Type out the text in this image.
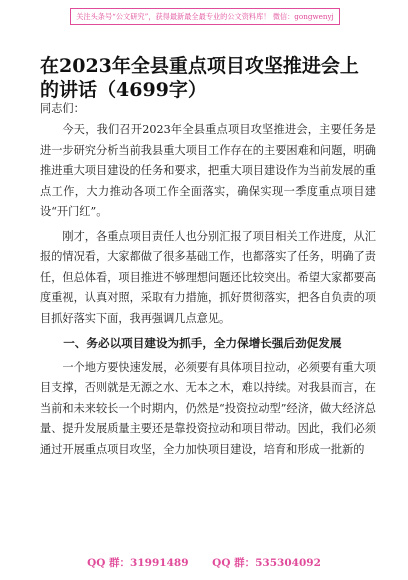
关注头条号“公文研究”，获得最新最全最专业的公文资料库！ 微信：gongwenyj
在2023年全县重点项目攻坚推进会上的讲话（4699字）
同志们：

今天，我们召开2023年全县重点项目攻坚推进会，主要任务是进一步研究分析当前我县重大项目工作存在的主要困难和问题，明确推进重大项目建设的任务和要求，把重大项目建设作为当前发展的重点工作，大力推动各项工作全面落实，确保实现一季度重点项目建设“开门红”。

刚才，各重点项目责任人也分别汇报了项目相关工作进度，从汇报的情况看，大家都做了很多基础工作，也都落实了任务，明确了责任，但总体看，项目推进不够理想问题还比较突出。希望大家都要高度重视，认真对照，采取有力措施，抓好贯彻落实，把各自负责的项目抓好落实下面，我再强调几点意见。

一、务必以项目建设为抓手，全力保增长强后劲促发展

一个地方要快速发展，必须要有具体项目拉动，必须要有重大项目支撑，否则就是无源之水、无本之木，难以持续。对我县而言，在当前和未来较长一个时期内，仍然是“投资拉动型”经济，做大经济总量、提升发展质量主要还是靠投资拉动和项目带动。因此，我们必须通过开展重点项目攻坚，全力加快项目建设，培育和形成一批新的

QQ 群：31991489 QQ 群：535304092
